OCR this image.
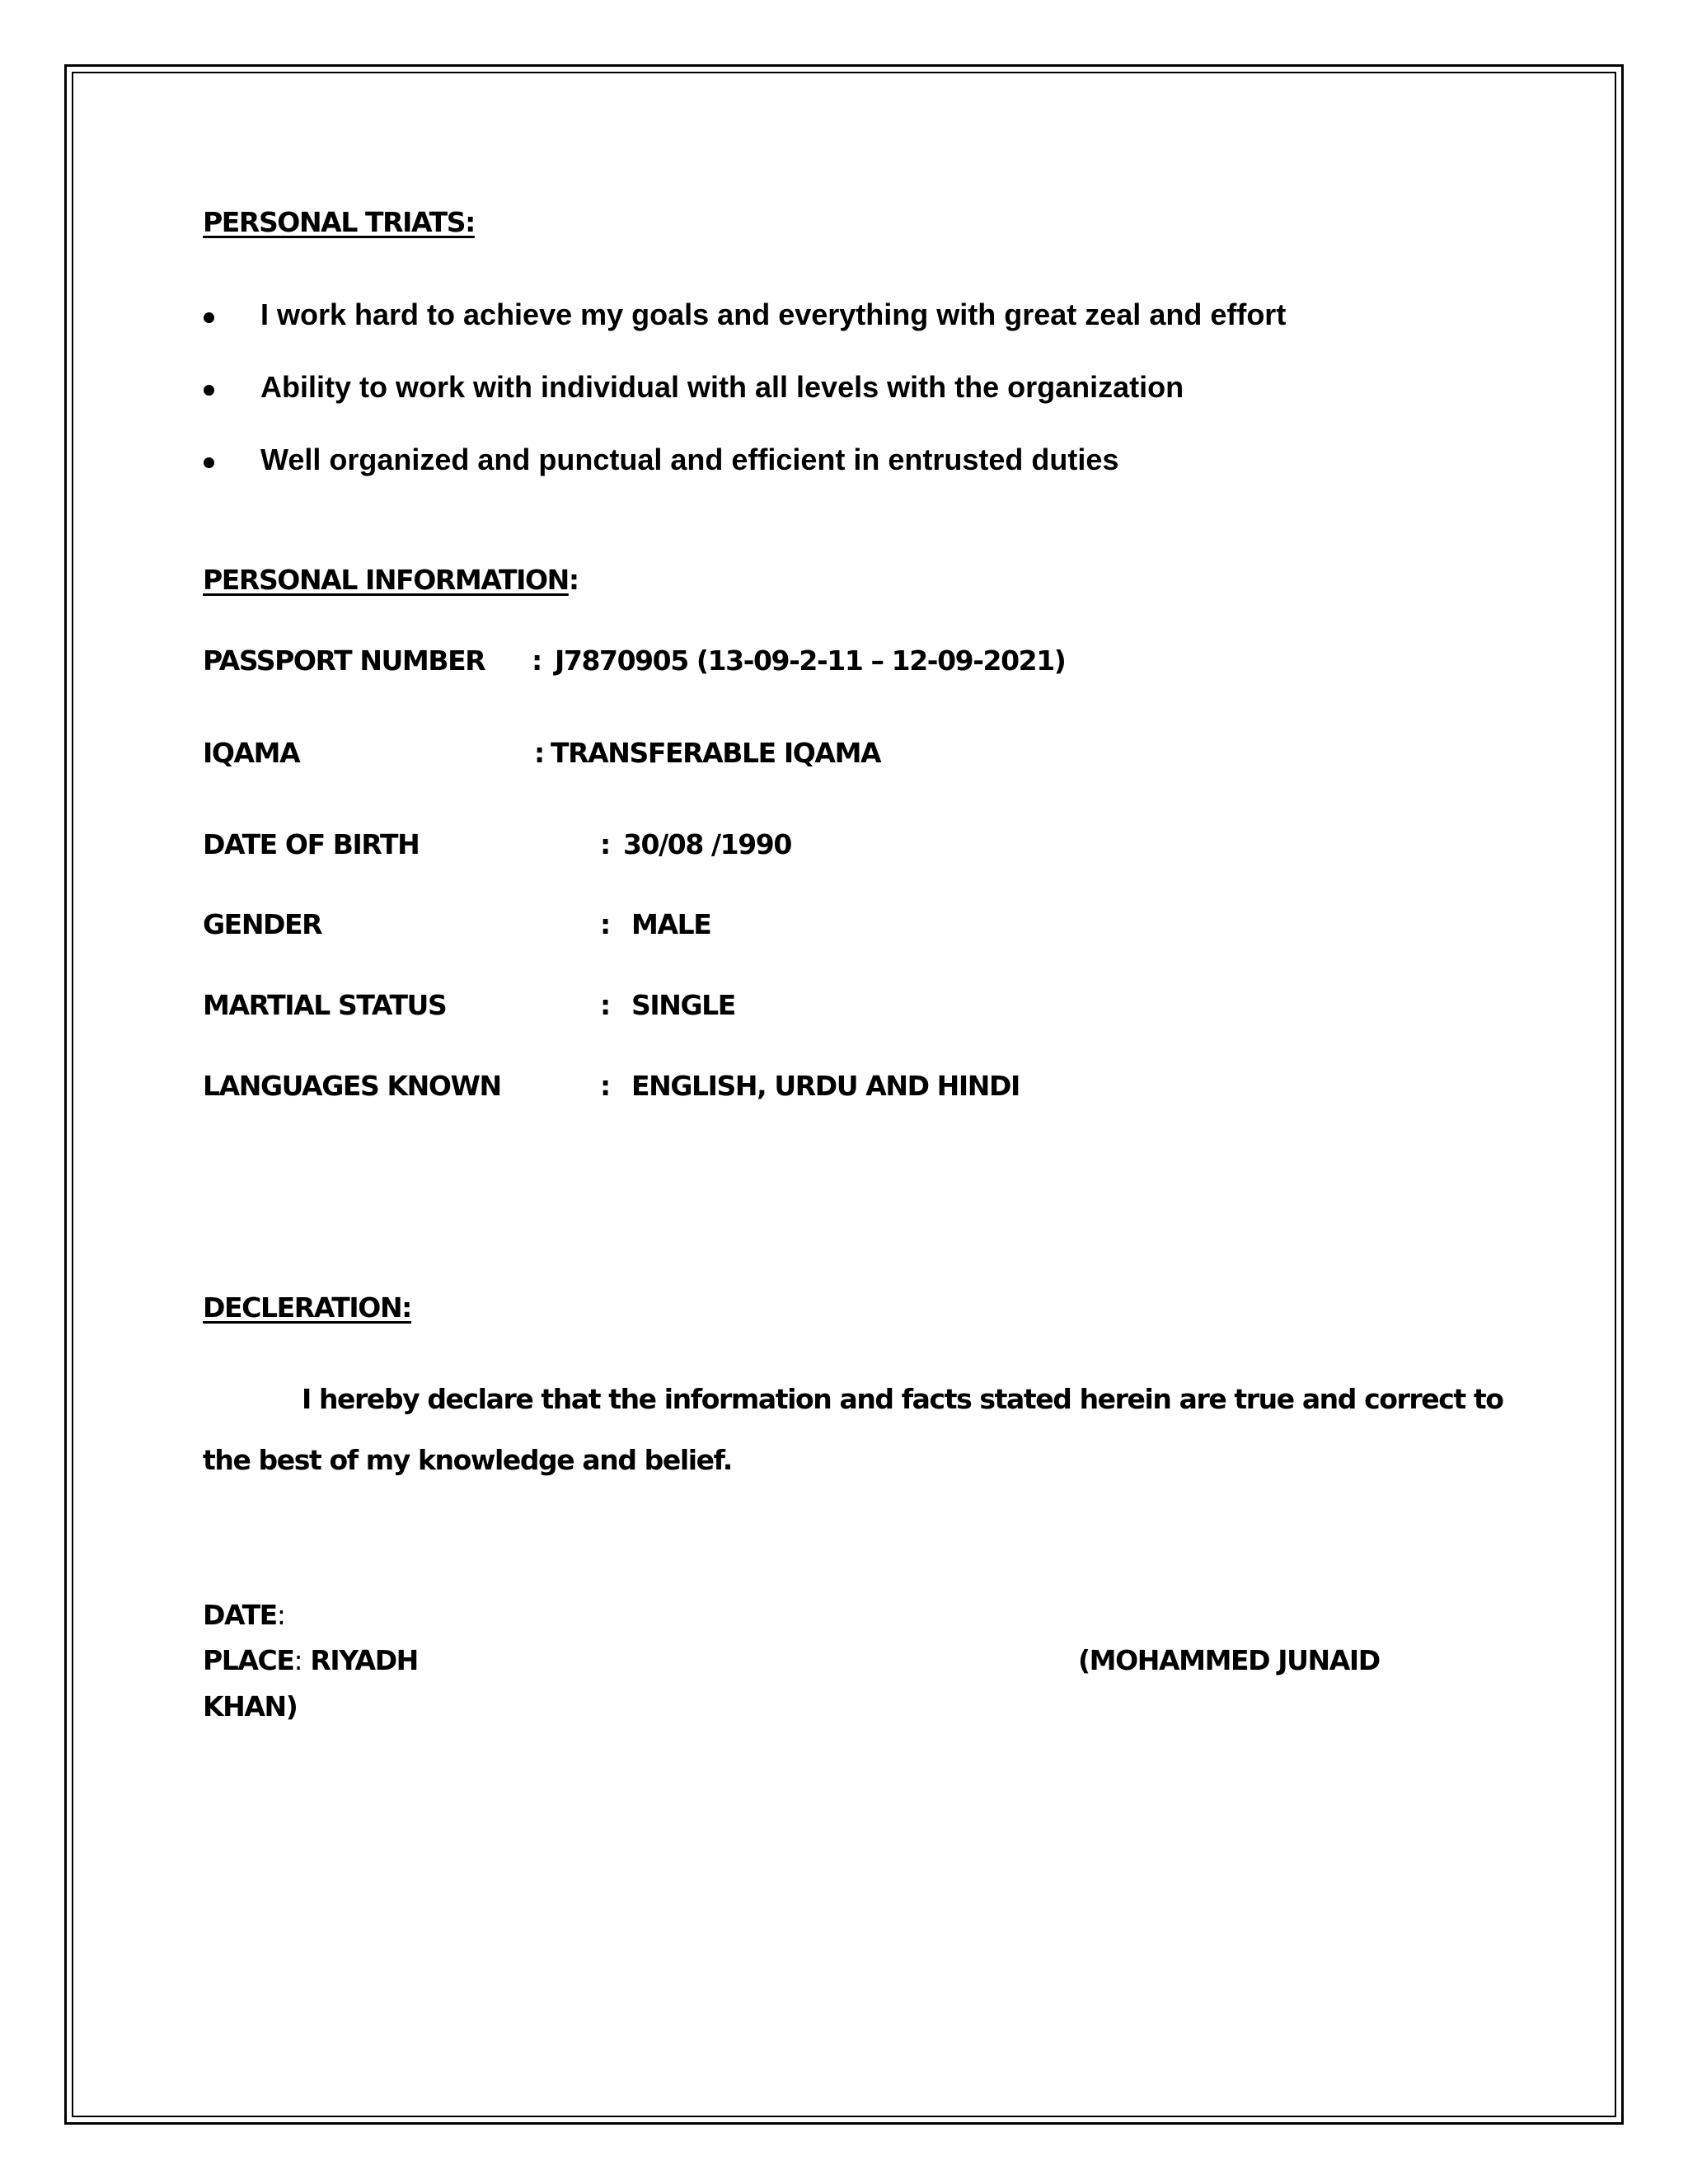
PERSONAL TRIATS:
I work hard to achieve my goals and everything with great zeal and effort
Ability to work with individual with all levels with the organization
Well organized and punctual and efficient in entrusted duties
PERSONAL INFORMATION:
PASSPORT NUMBER : J7870905 (13-09-2-11 – 12-09-2021)
IQAMA	: TRANSFERABLE IQAMA
DATE OF BIRTH	: 30/08 /1990
GENDER	: MALE
MARTIAL STATUS	: SINGLE
LANGUAGES KNOWN	: ENGLISH, URDU AND HINDI
DECLERATION:
I hereby declare that the information and facts stated herein are true and correct to
the best of my knowledge and belief.
DATE:
PLACE: RIYADH	(MOHAMMED JUNAID
KHAN)
